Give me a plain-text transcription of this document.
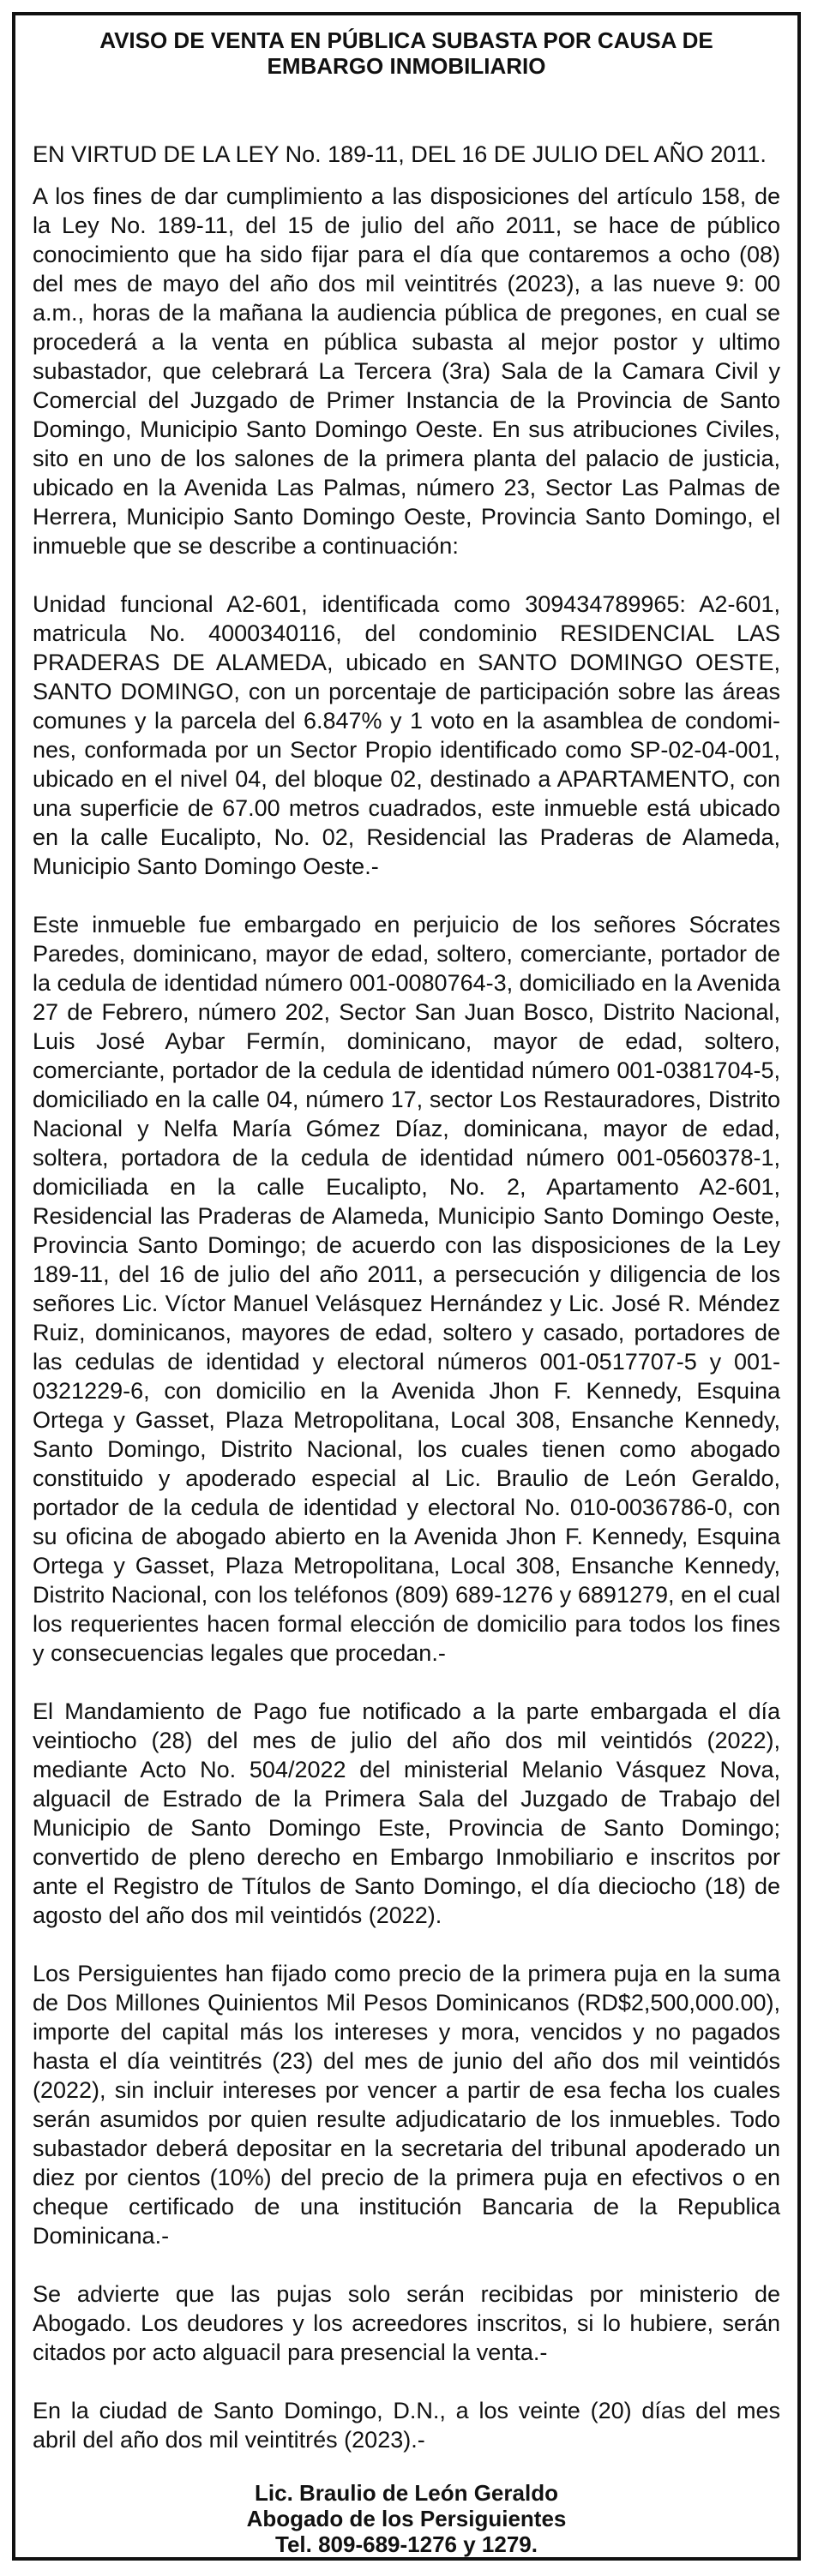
AVISO DE VENTA EN PÚBLICA SUBASTA POR CAUSA DE
EMBARGO INMOBILIARIO

EN VIRTUD DE LA LEY No. 189-11, DEL 16 DE JULIO DEL AÑO 2011.

A los fines de dar cumplimiento a las disposiciones del artículo 158, de la Ley No. 189-11, del 15 de julio del año 2011, se hace de público conocimiento que ha sido fijar para el día que contaremos a ocho (08) del mes de mayo del año dos mil veintitrés (2023), a las nueve 9: 00 a.m., horas de la mañana la audiencia pública de pregones, en cual se procederá a la venta en pública subasta al mejor postor y ultimo subastador, que celebrará La Tercera (3ra) Sala de la Camara Civil y Comercial del Juzgado de Primer Instancia de la Provincia de Santo Domingo, Municipio Santo Domingo Oeste. En sus atribuciones Civiles, sito en uno de los salones de la primera planta del palacio de justicia, ubicado en la Avenida Las Palmas, número 23, Sector Las Palmas de Herrera, Municipio Santo Domingo Oeste, Provincia Santo Domingo, el inmueble que se describe a continuación:

Unidad funcional A2-601, identificada como 309434789965: A2-601, matricula No. 4000340116, del condominio RESIDENCIAL LAS PRADERAS DE ALAMEDA, ubicado en SANTO DOMINGO OESTE, SANTO DOMINGO, con un porcentaje de participación sobre las áreas comunes y la parcela del 6.847% y 1 voto en la asamblea de condomines, conformada por un Sector Propio identificado como SP-02-04-001, ubicado en el nivel 04, del bloque 02, destinado a APARTAMENTO, con una superficie de 67.00 metros cuadrados, este inmueble está ubicado en la calle Eucalipto, No. 02, Residencial las Praderas de Alameda, Municipio Santo Domingo Oeste.-

Este inmueble fue embargado en perjuicio de los señores Sócrates Paredes, dominicano, mayor de edad, soltero, comerciante, portador de la cedula de identidad número 001-0080764-3, domiciliado en la Avenida 27 de Febrero, número 202, Sector San Juan Bosco, Distrito Nacional, Luis José Aybar Fermín, dominicano, mayor de edad, soltero, comerciante, portador de la cedula de identidad número 001-0381704-5, domiciliado en la calle 04, número 17, sector Los Restauradores, Distrito Nacional y Nelfa María Gómez Díaz, dominicana, mayor de edad, soltera, portadora de la cedula de identidad número 001-0560378-1, domiciliada en la calle Eucalipto, No. 2, Apartamento A2-601, Residencial las Praderas de Alameda, Municipio Santo Domingo Oeste, Provincia Santo Domingo; de acuerdo con las disposiciones de la Ley 189-11, del 16 de julio del año 2011, a persecución y diligencia de los señores Lic. Víctor Manuel Velásquez Hernández y Lic. José R. Méndez Ruiz, dominicanos, mayores de edad, soltero y casado, portadores de las cedulas de identidad y electoral números 001-0517707-5 y 001-0321229-6, con domicilio en la Avenida Jhon F. Kennedy, Esquina Ortega y Gasset, Plaza Metropolitana, Local 308, Ensanche Kennedy, Santo Domingo, Distrito Nacional, los cuales tienen como abogado constituido y apoderado especial al Lic. Braulio de León Geraldo, portador de la cedula de identidad y electoral No. 010-0036786-0, con su oficina de abogado abierto en la Avenida Jhon F. Kennedy, Esquina Ortega y Gasset, Plaza Metropolitana, Local 308, Ensanche Kennedy, Distrito Nacional, con los teléfonos (809) 689-1276 y 6891279, en el cual los requerientes hacen formal elección de domicilio para todos los fines y consecuencias legales que procedan.-

El Mandamiento de Pago fue notificado a la parte embargada el día veintiocho (28) del mes de julio del año dos mil veintidós (2022), mediante Acto No. 504/2022 del ministerial Melanio Vásquez Nova, alguacil de Estrado de la Primera Sala del Juzgado de Trabajo del Municipio de Santo Domingo Este, Provincia de Santo Domingo; convertido de pleno derecho en Embargo Inmobiliario e inscritos por ante el Registro de Títulos de Santo Domingo, el día dieciocho (18) de agosto del año dos mil veintidós (2022).

Los Persiguientes han fijado como precio de la primera puja en la suma de Dos Millones Quinientos Mil Pesos Dominicanos (RD$2,500,000.00), importe del capital más los intereses y mora, vencidos y no pagados hasta el día veintitrés (23) del mes de junio del año dos mil veintidós (2022), sin incluir intereses por vencer a partir de esa fecha los cuales serán asumidos por quien resulte adjudicatario de los inmuebles. Todo subastador deberá depositar en la secretaria del tribunal apoderado un diez por cientos (10%) del precio de la primera puja en efectivos o en cheque certificado de una institución Bancaria de la Republica Dominicana.-

Se advierte que las pujas solo serán recibidas por ministerio de Abogado. Los deudores y los acreedores inscritos, si lo hubiere, serán citados por acto alguacil para presencial la venta.-

En la ciudad de Santo Domingo, D.N., a los veinte (20) días del mes abril del año dos mil veintitrés (2023).-

Lic. Braulio de León Geraldo
Abogado de los Persiguientes
Tel. 809-689-1276 y 1279.
